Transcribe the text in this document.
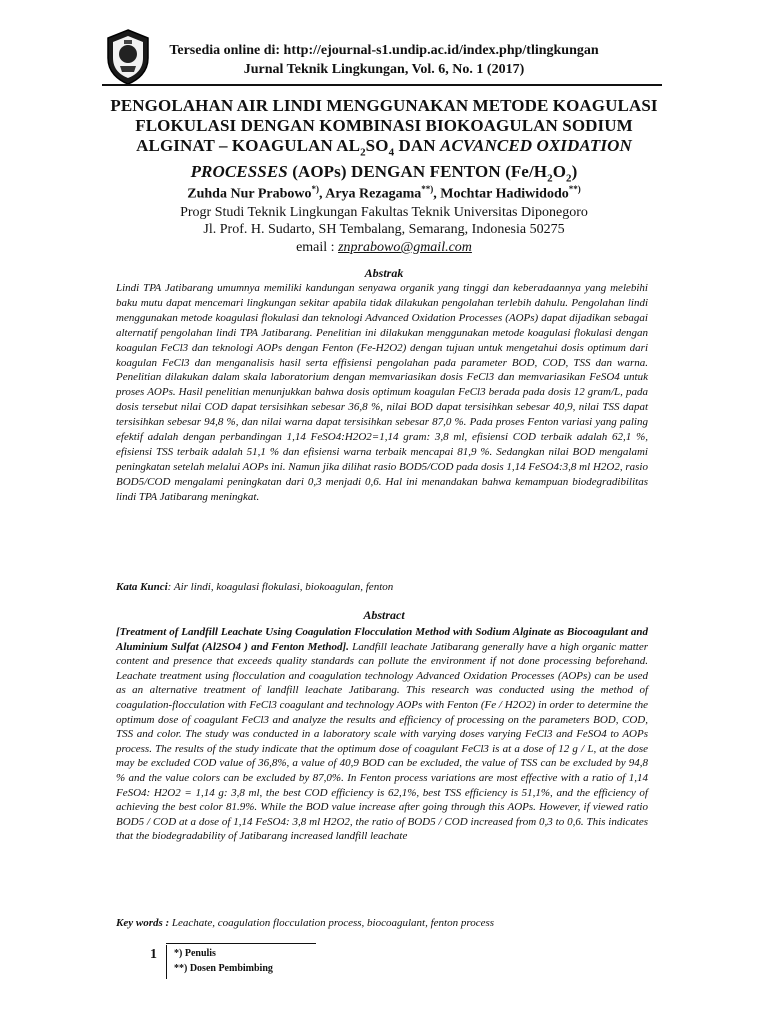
Tersedia online di: http://ejournal-s1.undip.ac.id/index.php/tlingkungan
Jurnal Teknik Lingkungan, Vol. 6, No. 1 (2017)
PENGOLAHAN AIR LINDI MENGGUNAKAN METODE KOAGULASI
FLOKULASI DENGAN KOMBINASI BIOKOAGULAN SODIUM
ALGINAT – KOAGULAN $AL_2SO_4$ DAN ACVANCED OXIDATION
PROCESSES (AOPs) DENGAN FENTON $(Fe/H_2O_2)$
Zuhda Nur Prabowo*), Arya Rezagama**), Mochtar Hadiwidodo**)
Progr Studi Teknik Lingkungan Fakultas Teknik Universitas Diponegoro
Jl. Prof. H. Sudarto, SH Tembalang, Semarang, Indonesia 50275
email : znprabowo@gmail.com
Abstrak

Lindi TPA Jatibarang umumnya memiliki kandungan senyawa organik yang tinggi dan keberadaannya yang melebihi baku mutu dapat mencemari lingkungan sekitar apabila tidak dilakukan pengolahan terlebih dahulu. Pengolahan lindi menggunakan metode koagulasi flokulasi dan teknologi Advanced Oxidation Processes (AOPs) dapat dijadikan sebagai alternatif pengolahan lindi TPA Jatibarang. Penelitian ini dilakukan menggunakan metode koagulasi flokulasi dengan koagulan FeCl3 dan teknologi AOPs dengan Fenton (Fe-H2O2) dengan tujuan untuk mengetahui dosis optimum dari koagulan FeCl3 dan menganalisis hasil serta effisiensi pengolahan pada parameter BOD, COD, TSS dan warna. Penelitian dilakukan dalam skala laboratorium dengan memvariasikan dosis FeCl3 dan memvariasikan FeSO4 untuk proses AOPs. Hasil penelitian menunjukkan bahwa dosis optimum koagulan FeCl3 berada pada dosis 12 gram/L, pada dosis tersebut nilai COD dapat tersisihkan sebesar 36,8 %, nilai BOD dapat tersisihkan sebesar 40,9, nilai TSS dapat tersisihkan sebesar 94,8 %, dan nilai warna dapat tersisihkan sebesar 87,0 %. Pada proses Fenton variasi yang paling efektif adalah dengan perbandingan 1,14 FeSO4:H2O2=1,14 gram: 3,8 ml, efisiensi COD terbaik adalah 62,1 %, efisiensi TSS terbaik adalah 51,1 % dan efisiensi warna terbaik mencapai 81,9 %. Sedangkan nilai BOD mengalami peningkatan setelah melalui AOPs ini. Namun jika dilihat rasio BOD5/COD pada dosis 1,14 FeSO4:3,8 ml H2O2, rasio BOD5/COD mengalami peningkatan dari 0,3 menjadi 0,6. Hal ini menandakan bahwa kemampuan biodegradibilitas lindi TPA Jatibarang meningkat.

Kata Kunci: Air lindi, koagulasi flokulasi, biokoagulan, fenton

Abstract

[Treatment of Landfill Leachate Using Coagulation Flocculation Method with Sodium Alginate as Biocoagulant and Aluminium Sulfat (Al2SO4 ) and Fenton Method]. Landfill leachate Jatibarang generally have a high organic matter content and presence that exceeds quality standards can pollute the environment if not done processing beforehand. Leachate treatment using flocculation and coagulation technology Advanced Oxidation Processes (AOPs) can be used as an alternative treatment of landfill leachate Jatibarang. This research was conducted using the method of coagulation-flocculation with FeCl3 coagulant and technology AOPs with Fenton (Fe / H2O2) in order to determine the optimum dose of coagulant FeCl3 and analyze the results and efficiency of processing on the parameters BOD, COD, TSS and color. The study was conducted in a laboratory scale with varying doses varying FeCl3 and FeSO4 to AOPs process. The results of the study indicate that the optimum dose of coagulant FeCl3 is at a dose of 12 g / L, at the dose may be excluded COD value of 36,8%, a value of 40,9 BOD can be excluded, the value of TSS can be excluded by 94,8 % and the value colors can be excluded by 87,0%. In Fenton process variations are most effective with a ratio of 1,14 FeSO4: H2O2 = 1,14 g: 3,8 ml, the best COD efficiency is 62,1%, best TSS efficiency is 51,1%, and the efficiency of achieving the best color 81.9%. While the BOD value increase after going through this AOPs. However, if viewed ratio BOD5 / COD at a dose of 1,14 FeSO4: 3,8 ml H2O2, the ratio of BOD5 / COD increased from 0,3 to 0,6. This indicates that the biodegradability of Jatibarang increased landfill leachate

Key words : Leachate, coagulation flocculation process, biocoagulant, fenton process

1 *) Penulis
**) Dosen Pembimbing
